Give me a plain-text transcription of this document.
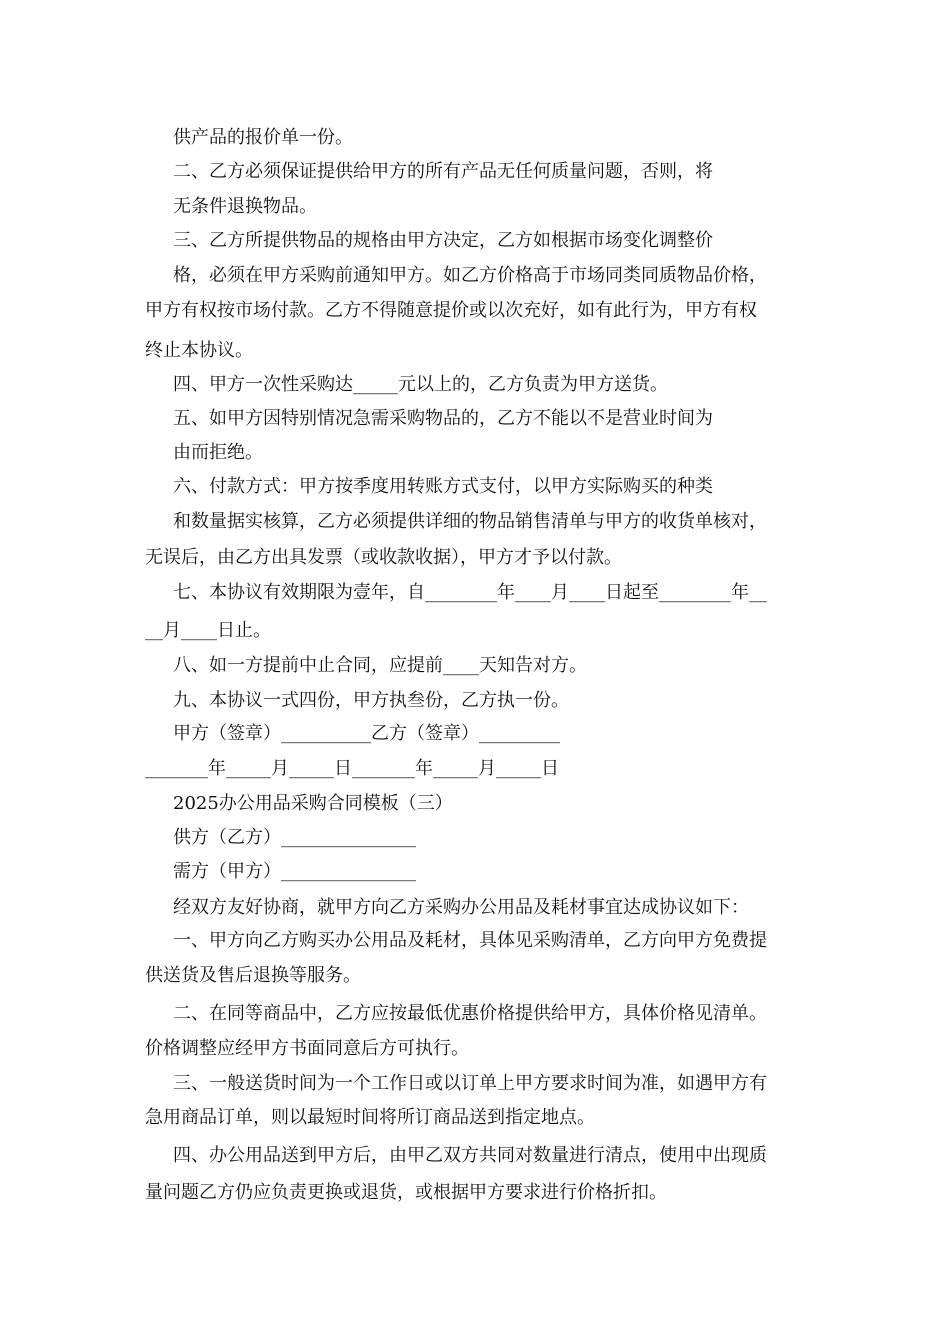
供产品的报价单一份。
二、乙方必须保证提供给甲方的所有产品无任何质量问题，否则，将
无条件退换物品。
三、乙方所提供物品的规格由甲方决定，乙方如根据市场变化调整价
格，必须在甲方采购前通知甲方。如乙方价格高于市场同类同质物品价格，
甲方有权按市场付款。乙方不得随意提价或以次充好，如有此行为，甲方有权
终止本协议。
四、甲方一次性采购达_____元以上的，乙方负责为甲方送货。
五、如甲方因特别情况急需采购物品的，乙方不能以不是营业时间为
由而拒绝。
六、付款方式：甲方按季度用转账方式支付，以甲方实际购买的种类
和数量据实核算，乙方必须提供详细的物品销售清单与甲方的收货单核对，
无误后，由乙方出具发票（或收款收据），甲方才予以付款。
七、本协议有效期限为壹年，自________年____月____日起至________年__
__月____日止。
八、如一方提前中止合同，应提前____天知告对方。
九、本协议一式四份，甲方执叁份，乙方执一份。
甲方（签章）__________乙方（签章）_________
_______年_____月_____日_______年_____月_____日
2025办公用品采购合同模板（三）
供方（乙方）_______________
需方（甲方）_______________
经双方友好协商，就甲方向乙方采购办公用品及耗材事宜达成协议如下：
一、甲方向乙方购买办公用品及耗材，具体见采购清单，乙方向甲方免费提
供送货及售后退换等服务。
二、在同等商品中，乙方应按最低优惠价格提供给甲方，具体价格见清单。
价格调整应经甲方书面同意后方可执行。
三、一般送货时间为一个工作日或以订单上甲方要求时间为准，如遇甲方有
急用商品订单，则以最短时间将所订商品送到指定地点。
四、办公用品送到甲方后，由甲乙双方共同对数量进行清点，使用中出现质
量问题乙方仍应负责更换或退货，或根据甲方要求进行价格折扣。
